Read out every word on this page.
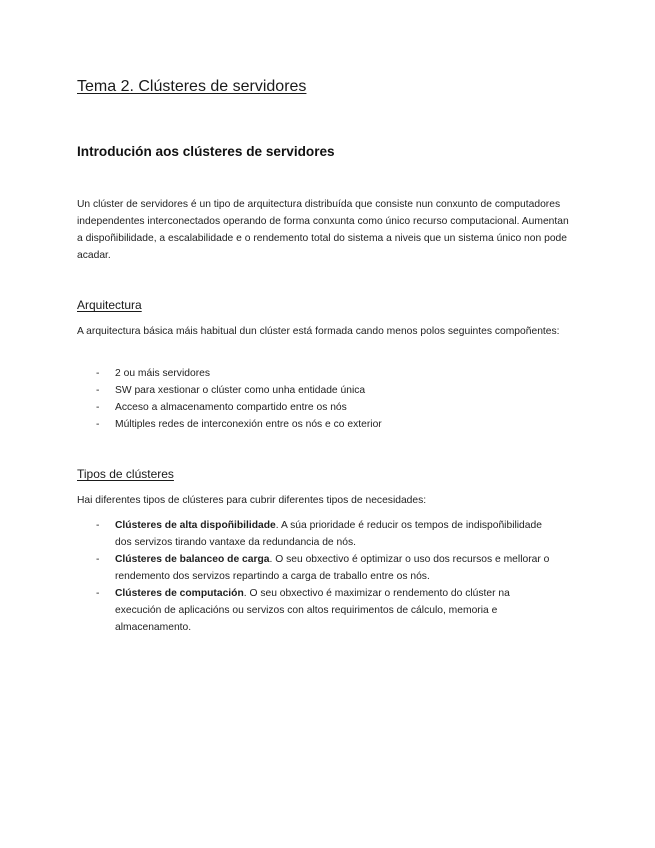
Tema 2. Clústeres de servidores
Introdución aos clústeres de servidores

Un clúster de servidores é un tipo de arquitectura distribuída que consiste nun conxunto de computadores independentes interconectados operando de forma conxunta como único recurso computacional. Aumentan a dispoñibilidade, a escalabilidade e o rendemento total do sistema a niveis que un sistema único non pode acadar.

Arquitectura

A arquitectura básica máis habitual dun clúster está formada cando menos polos seguintes compoñentes:

- 2 ou máis servidores
- SW para xestionar o clúster como unha entidade única
- Acceso a almacenamento compartido entre os nós
- Múltiples redes de interconexión entre os nós e co exterior
Tipos de clústeres

Hai diferentes tipos de clústeres para cubrir diferentes tipos de necesidades:

- Clústeres de alta dispoñibilidade. A súa prioridade é reducir os tempos de indispoñibilidade dos servizos tirando vantaxe da redundancia de nós.
- Clústeres de balanceo de carga. O seu obxectivo é optimizar o uso dos recursos e mellorar o rendemento dos servizos repartindo a carga de traballo entre os nós.
- Clústeres de computación. O seu obxectivo é maximizar o rendemento do clúster na execución de aplicacións ou servizos con altos requirimentos de cálculo, memoria e almacenamento.
